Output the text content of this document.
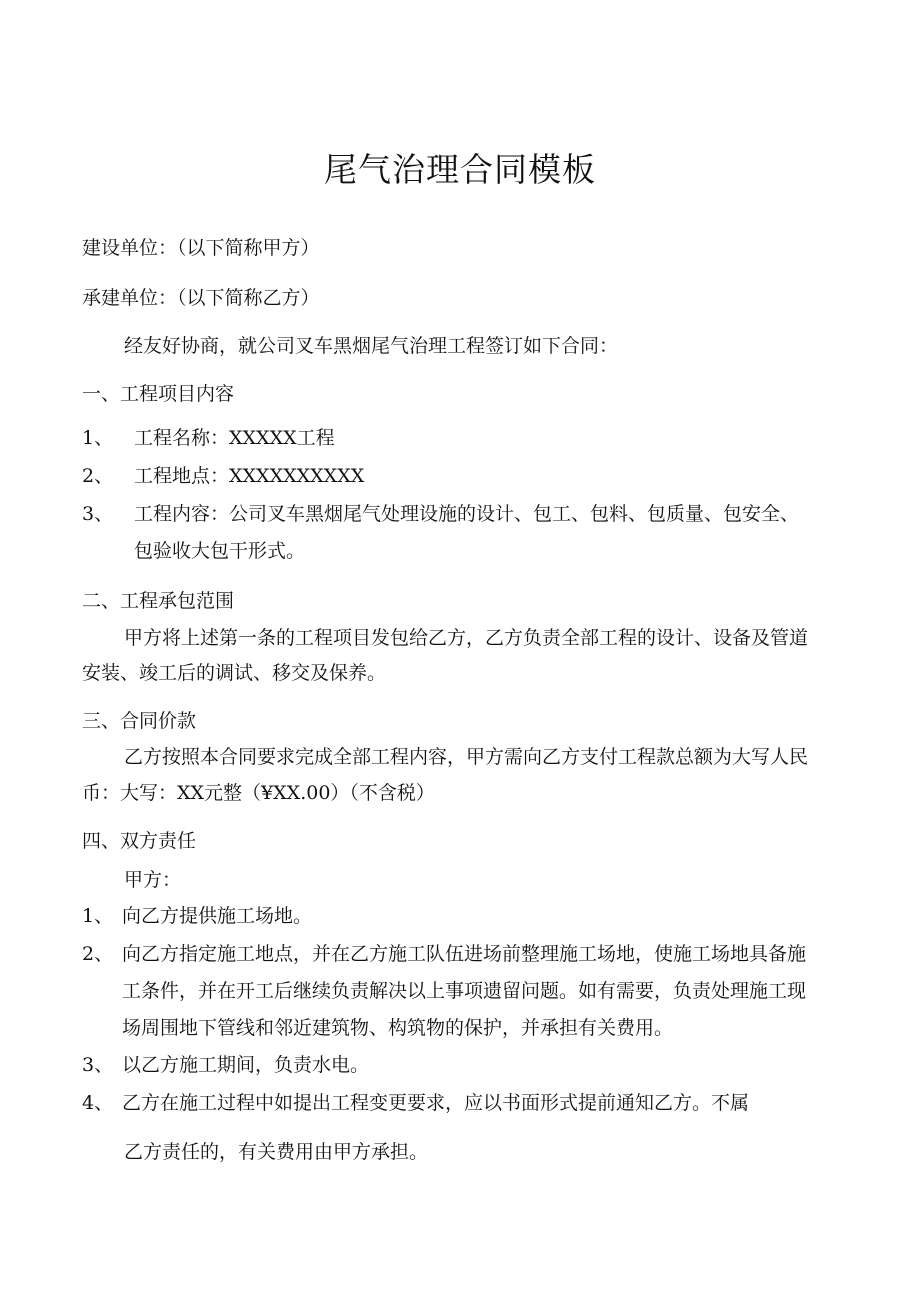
尾气治理合同模板
建设单位：（以下简称甲方）
承建单位：（以下简称乙方）
经友好协商，就公司叉车黑烟尾气治理工程签订如下合同：
一、工程项目内容
1、 工程名称：XXXXX工程
2、 工程地点：XXXXXXXXXX
3、 工程内容：公司叉车黑烟尾气处理设施的设计、包工、包料、包质量、包安全、
包验收大包干形式。
二、工程承包范围
甲方将上述第一条的工程项目发包给乙方，乙方负责全部工程的设计、设备及管道
安装、竣工后的调试、移交及保养。
三、合同价款
乙方按照本合同要求完成全部工程内容，甲方需向乙方支付工程款总额为大写人民
币：大写：XX元整（¥XX.00）（不含税）
四、双方责任
甲方：
1、 向乙方提供施工场地。
2、 向乙方指定施工地点，并在乙方施工队伍进场前整理施工场地，使施工场地具备施
工条件，并在开工后继续负责解决以上事项遗留问题。如有需要，负责处理施工现
场周围地下管线和邻近建筑物、构筑物的保护，并承担有关费用。
3、 以乙方施工期间，负责水电。
4、 乙方在施工过程中如提出工程变更要求，应以书面形式提前通知乙方。不属
乙方责任的，有关费用由甲方承担。
